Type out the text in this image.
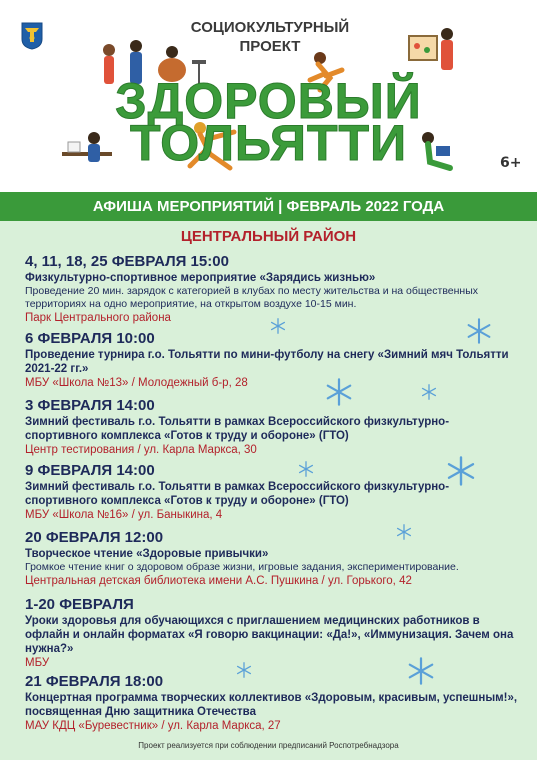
СОЦИОКУЛЬТУРНЫЙ
ПРОЕКТ
ЗДОРОВЫЙ
ТОЛЬЯТТИ	6+
АФИША МЕРОПРИЯТИЙ | ФЕВРАЛЬ 2022 ГОДА
ЦЕНТРАЛЬНЫЙ РАЙОН
4, 11, 18, 25 ФЕВРАЛЯ 15:00
Физкультурно-спортивное мероприятие «Зарядись жизнью»
Проведение 20 мин. зарядок с категорией в клубах по месту жительства и на общественных территориях на одно мероприятие, на открытом воздухе 10-15 мин.
Парк Центрального района
6 ФЕВРАЛЯ 10:00
Проведение турнира г.о. Тольятти по мини-футболу на снегу «Зимний мяч Тольятти 2021-22 гг.»
МБУ «Школа №13» / Молодежный б-р, 28
3 ФЕВРАЛЯ 14:00
Зимний фестиваль г.о. Тольятти в рамках Всероссийского физкультурно-спортивного комплекса «Готов к труду и обороне» (ГТО)
Центр тестирования / ул. Карла Маркса, 30
9 ФЕВРАЛЯ 14:00
Зимний фестиваль г.о. Тольятти в рамках Всероссийского физкультурно-спортивного комплекса «Готов к труду и обороне» (ГТО)
МБУ «Школа №16» / ул. Баныкина, 4
20 ФЕВРАЛЯ 12:00
Творческое чтение «Здоровые привычки»
Громкое чтение книг о здоровом образе жизни, игровые задания, экспериментирование.
Центральная детская библиотека имени А.С. Пушкина / ул. Горького, 42
1-20 ФЕВРАЛЯ
Уроки здоровья для обучающихся с приглашением медицинских работников в офлайн и онлайн форматах «Я говорю вакцинации: «Да!», «Иммунизация. Зачем она нужна?»
МБУ
21 ФЕВРАЛЯ 18:00
Концертная программа творческих коллективов «Здоровым, красивым, успешным!», посвященная Дню защитника Отечества
МАУ КДЦ «Буревестник» / ул. Карла Маркса, 27
Проект реализуется при соблюдении предписаний Роспотребнадзора
